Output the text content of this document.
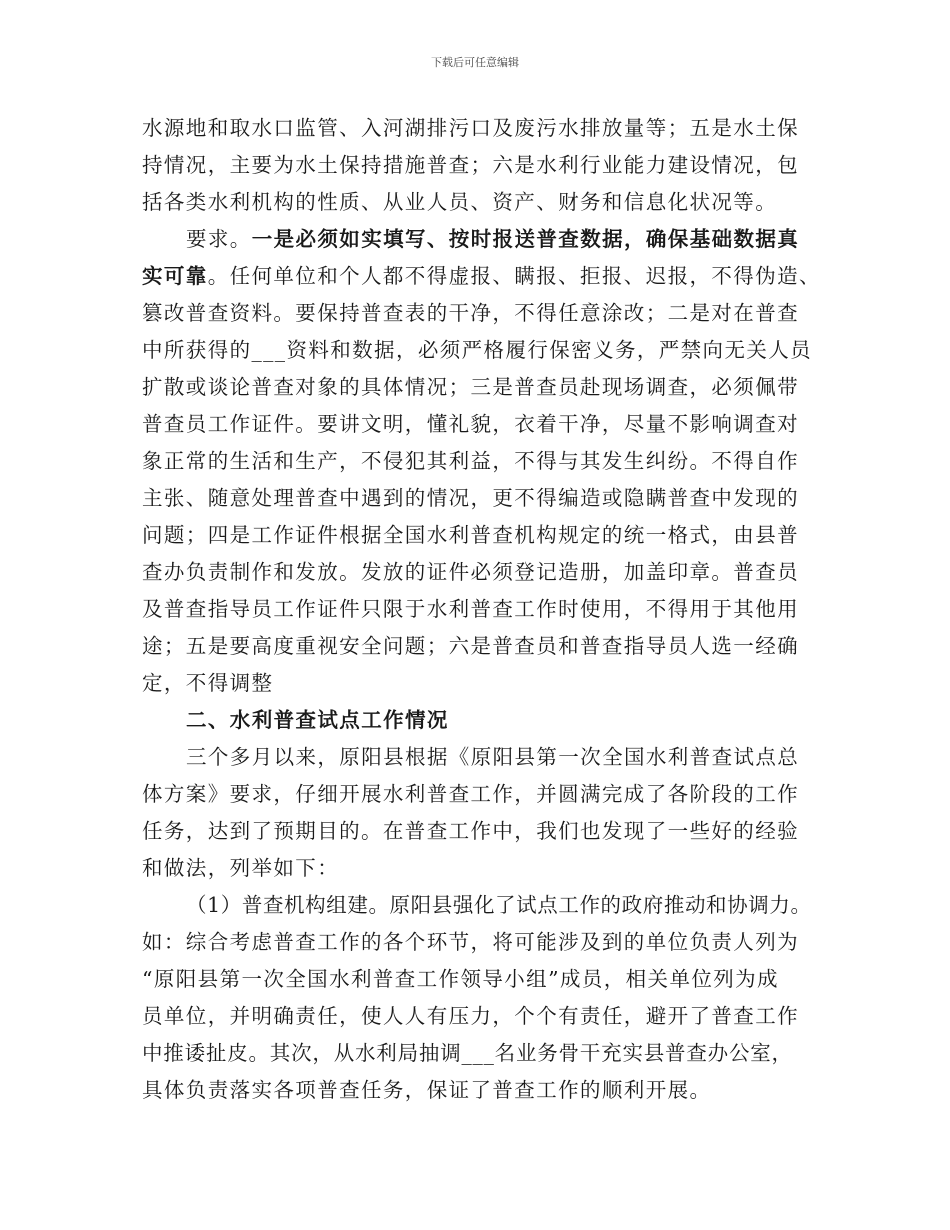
下载后可任意编辑
水源地和取水口监管、入河湖排污口及废污水排放量等；五是水土保
持情况，主要为水土保持措施普查；六是水利行业能力建设情况，包
括各类水利机构的性质、从业人员、资产、财务和信息化状况等。
要求。一是必须如实填写、按时报送普查数据，确保基础数据真
实可靠。任何单位和个人都不得虚报、瞒报、拒报、迟报，不得伪造、
篡改普查资料。要保持普查表的干净，不得任意涂改；二是对在普查
中所获得的___资料和数据，必须严格履行保密义务，严禁向无关人员
扩散或谈论普查对象的具体情况；三是普查员赴现场调查，必须佩带
普查员工作证件。要讲文明，懂礼貌，衣着干净，尽量不影响调查对
象正常的生活和生产，不侵犯其利益，不得与其发生纠纷。不得自作
主张、随意处理普查中遇到的情况，更不得编造或隐瞒普查中发现的
问题；四是工作证件根据全国水利普查机构规定的统一格式，由县普
查办负责制作和发放。发放的证件必须登记造册，加盖印章。普查员
及普查指导员工作证件只限于水利普查工作时使用，不得用于其他用
途；五是要高度重视安全问题；六是普查员和普查指导员人选一经确
定，不得调整
二、水利普查试点工作情况
三个多月以来，原阳县根据《原阳县第一次全国水利普查试点总
体方案》要求，仔细开展水利普查工作，并圆满完成了各阶段的工作
任务，达到了预期目的。在普查工作中，我们也发现了一些好的经验
和做法，列举如下：
（1）普查机构组建。原阳县强化了试点工作的政府推动和协调力。
如：综合考虑普查工作的各个环节，将可能涉及到的单位负责人列为
“原阳县第一次全国水利普查工作领导小组”成员，相关单位列为成
员单位，并明确责任，使人人有压力，个个有责任，避开了普查工作
中推诿扯皮。其次，从水利局抽调___名业务骨干充实县普查办公室，
具体负责落实各项普查任务，保证了普查工作的顺利开展。
